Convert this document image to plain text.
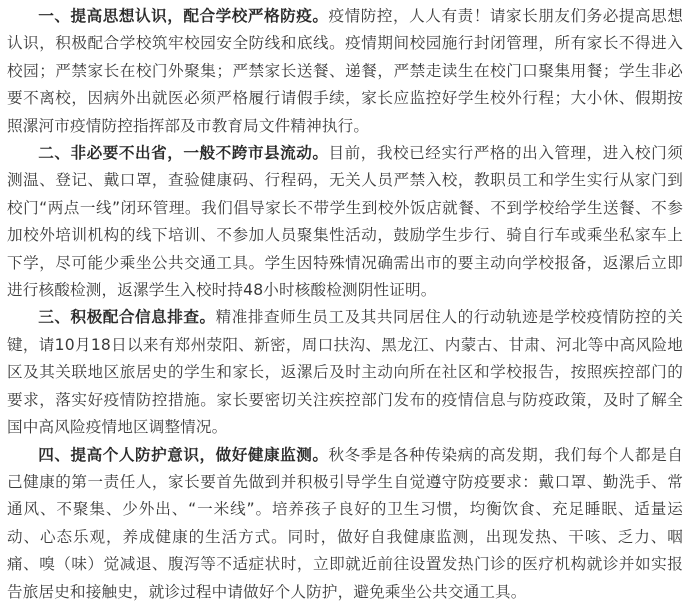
一、提高思想认识，配合学校严格防疫。疫情防控，人人有责！请家长朋友们务必提高思想认识，积极配合学校筑牢校园安全防线和底线。疫情期间校园施行封闭管理，所有家长不得进入校园；严禁家长在校门外聚集；严禁家长送餐、递餐，严禁走读生在校门口聚集用餐；学生非必要不离校，因病外出就医必须严格履行请假手续，家长应监控好学生校外行程；大小休、假期按照漯河市疫情防控指挥部及市教育局文件精神执行。

二、非必要不出省，一般不跨市县流动。目前，我校已经实行严格的出入管理，进入校门须测温、登记、戴口罩，查验健康码、行程码，无关人员严禁入校，教职员工和学生实行从家门到校门“两点一线”闭环管理。我们倡导家长不带学生到校外饭店就餐、不到学校给学生送餐、不参加校外培训机构的线下培训、不参加人员聚集性活动，鼓励学生步行、骑自行车或乘坐私家车上下学，尽可能少乘坐公共交通工具。学生因特殊情况确需出市的要主动向学校报备，返漯后立即进行核酸检测，返漯学生入校时持48小时核酸检测阴性证明。

三、积极配合信息排查。精准排查师生员工及其共同居住人的行动轨迹是学校疫情防控的关键，请10月18日以来有郑州荥阳、新密，周口扶沟、黑龙江、内蒙古、甘肃、河北等中高风险地区及其关联地区旅居史的学生和家长，返漯后及时主动向所在社区和学校报告，按照疾控部门的要求，落实好疫情防控措施。家长要密切关注疾控部门发布的疫情信息与防疫政策，及时了解全国中高风险疫情地区调整情况。

四、提高个人防护意识，做好健康监测。秋冬季是各种传染病的高发期，我们每个人都是自己健康的第一责任人，家长要首先做到并积极引导学生自觉遵守防疫要求：戴口罩、勤洗手、常通风、不聚集、少外出、“一米线”。培养孩子良好的卫生习惯，均衡饮食、充足睡眠、适量运动、心态乐观，养成健康的生活方式。同时，做好自我健康监测，出现发热、干咳、乏力、咽痛、嗅（味）觉减退、腹泻等不适症状时，立即就近前往设置发热门诊的医疗机构就诊并如实报告旅居史和接触史，就诊过程中请做好个人防护，避免乘坐公共交通工具。
